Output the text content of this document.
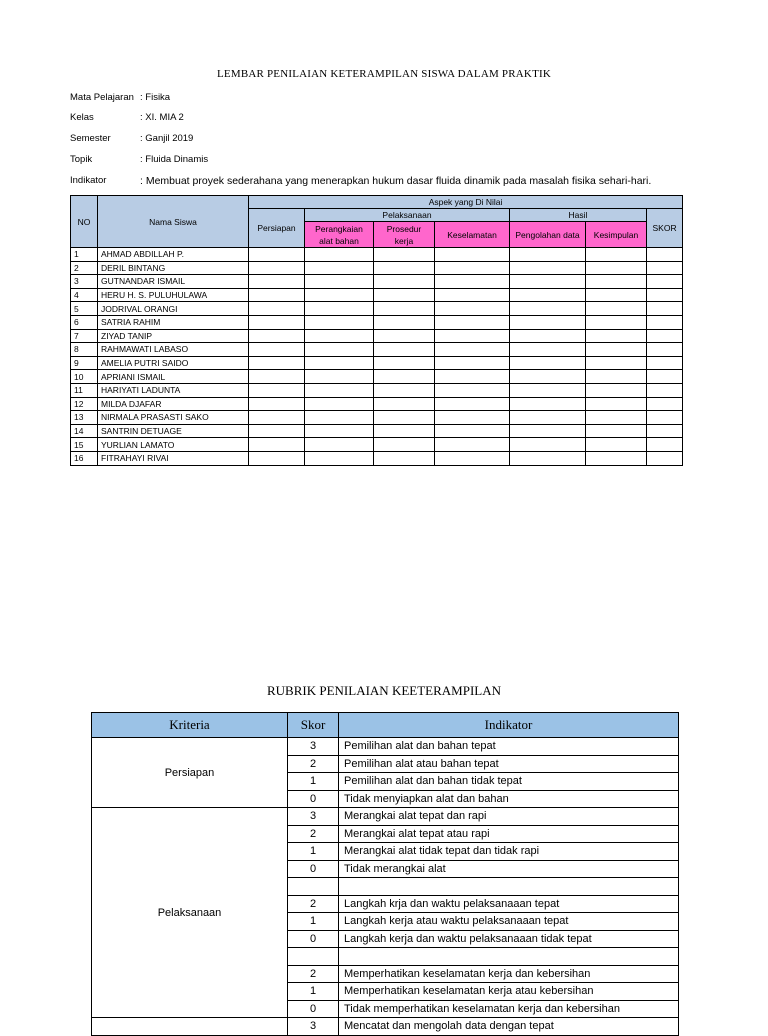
LEMBAR PENILAIAN KETERAMPILAN SISWA DALAM PRAKTIK
Mata Pelajaran : Fisika
Kelas	: XI. MIA 2
Semester	: Ganjil 2019
Topik	: Fluida Dinamis
Indikator	: Membuat proyek sederahana yang menerapkan hukum dasar fluida dinamik pada masalah fisika sehari-hari.
NO	Nama Siswa	Aspek yang Di Nilai						
		Persiapan	Pelaksanaan			Hasil		SKOR
			Perangkaian alat bahan	Prosedur kerja	Keselamatan	Pengolahan data	Kesimpulan	
1	AHMAD ABDILLAH P.							
2	DERIL BINTANG							
3	GUTNANDAR ISMAIL							
4	HERU H. S. PULUHULAWA							
5	JODRIVAL ORANGI							
6	SATRIA RAHIM							
7	ZIYAD TANIP							
8	RAHMAWATI LABASO							
9	AMELIA PUTRI SAIDO							
10	APRIANI ISMAIL							
11	HARIYATI LADUNTA							
12	MILDA DJAFAR							
13	NIRMALA PRASASTI SAKO							
14	SANTRIN DETUAGE							
15	YURLIAN LAMATO							
16	FITRAHAYI RIVAI							
RUBRIK PENILAIAN KEETERAMPILAN
Kriteria	Skor	Indikator
Persiapan	3	Pemilihan alat dan bahan tepat
	2	Pemilihan alat atau bahan tepat
	1	Pemilihan alat dan bahan tidak tepat
	0	Tidak menyiapkan alat dan bahan
Pelaksanaan	3	Merangkai alat tepat dan rapi
	2	Merangkai alat tepat atau rapi
	1	Merangkai alat tidak tepat dan tidak rapi
	0	Tidak merangkai alat

	2	Langkah krja dan waktu pelaksanaaan tepat
	1	Langkah kerja atau waktu pelaksanaaan tepat
	0	Langkah kerja dan waktu pelaksanaaan tidak tepat

	2	Memperhatikan keselamatan kerja dan kebersihan
	1	Memperhatikan keselamatan kerja atau kebersihan
	0	Tidak memperhatikan keselamatan kerja dan kebersihan
	3	Mencatat dan mengolah data dengan tepat
